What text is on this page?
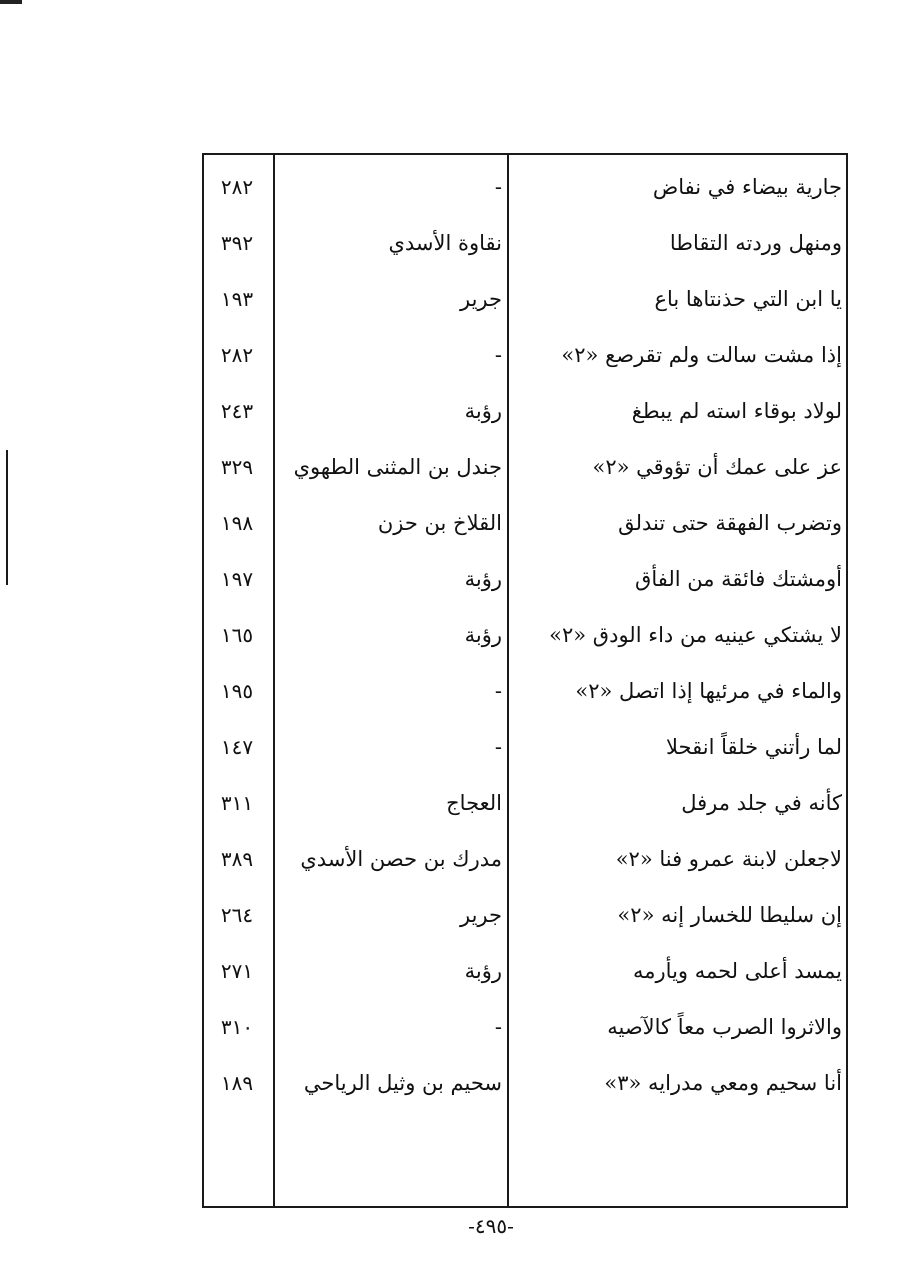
جارية بيضاء في نفاض
-
٢٨٢
ومنهل وردته التقاطا
نقاوة الأسدي
٣٩٢
يا ابن التي حذنتاها باع
جرير
١٩٣
إذا مشت سالت ولم تقرصع «٢»
-
٢٨٢
لولاد بوقاء استه لم يبطغ
رؤبة
٢٤٣
عز على عمك أن تؤوقي «٢»
جندل بن المثنى الطهوي
٣٢٩
وتضرب الفهقة حتى تندلق
القلاخ بن حزن
١٩٨
أومشتك فائقة من الفأق
رؤبة
١٩٧
لا يشتكي عينيه من داء الودق «٢»
رؤبة
١٦٥
والماء في مرئيها إذا اتصل «٢»
-
١٩٥
لما رأتني خلقاً انقحلا
-
١٤٧
كأنه في جلد مرفل
العجاج
٣١١
لاجعلن لابنة عمرو فنا «٢»
مدرك بن حصن الأسدي
٣٨٩
إن سليطا للخسار إنه «٢»
جرير
٢٦٤
يمسد أعلى لحمه ويأرمه
رؤبة
٢٧١
والاثروا الصرب معاً كالآصيه
-
٣١٠
أنا سحيم ومعي مدرايه «٣»
سحيم بن وثيل الرياحي
١٨٩
-٤٩٥-
